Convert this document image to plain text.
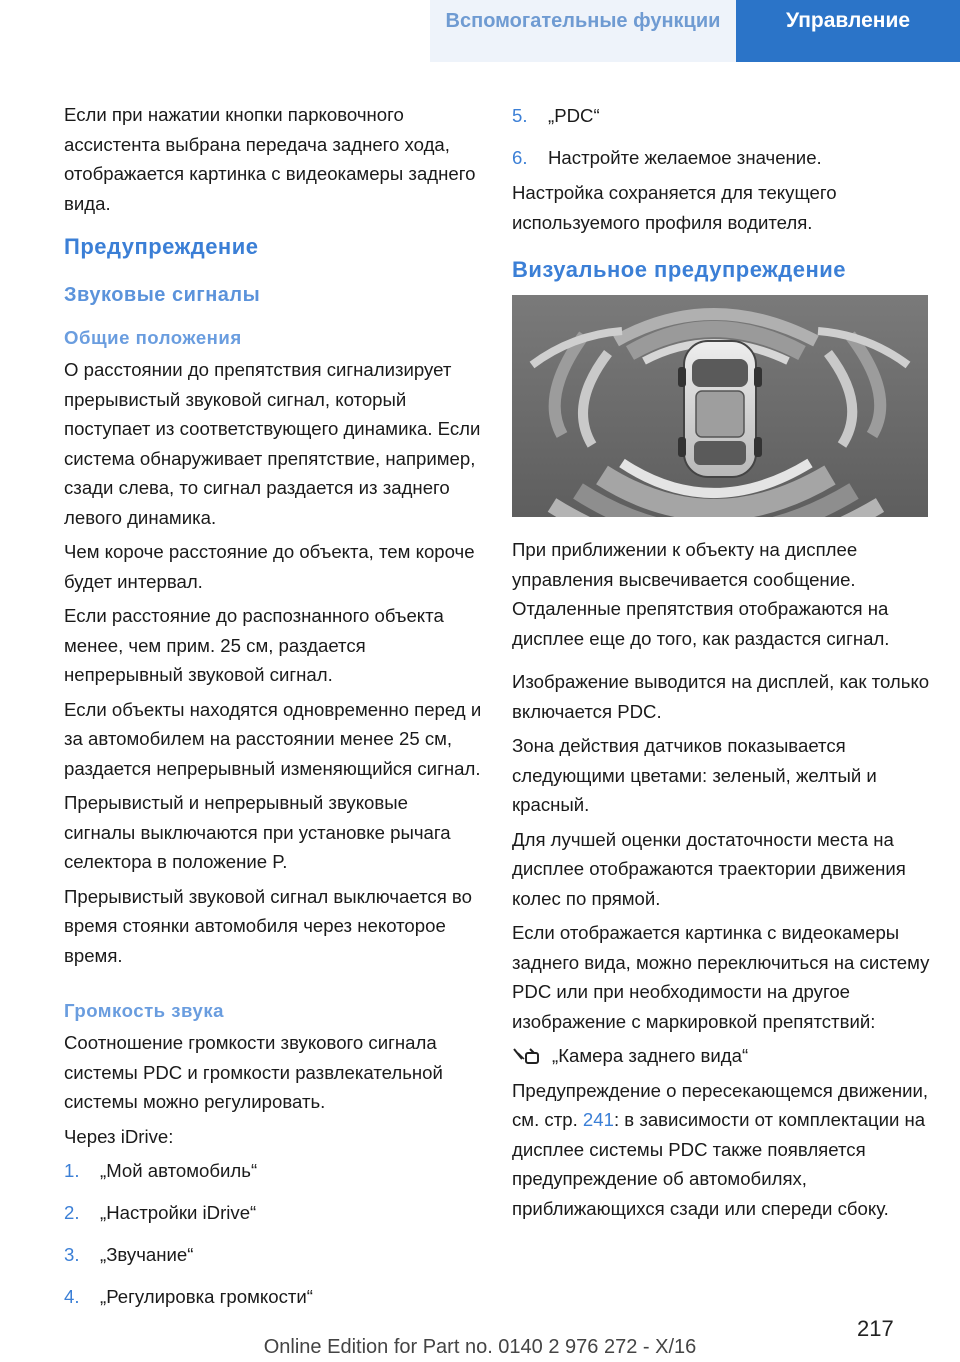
Вспомогательные функции	Управление

Если при нажатии кнопки парковочного ассистента выбрана передача заднего хода, отображается картинка с видеокамеры заднего вида.

Предупреждение
Звуковые сигналы
Общие положения

О расстоянии до препятствия сигнализирует прерывистый звуковой сигнал, который поступает из соответствующего динамика. Если система обнаруживает препятствие, например, сзади слева, то сигнал раздается из заднего левого динамика.

Чем короче расстояние до объекта, тем короче будет интервал.

Если расстояние до распознанного объекта менее, чем прим. 25 см, раздается непрерывный звуковой сигнал.

Если объекты находятся одновременно перед и за автомобилем на расстоянии менее 25 см, раздается непрерывный изменяющийся сигнал.

Прерывистый и непрерывный звуковые сигналы выключаются при установке рычага селектора в положение P.

Прерывистый звуковой сигнал выключается во время стоянки автомобиля через некоторое время.

Громкость звука

Соотношение громкости звукового сигнала системы PDC и громкости развлекательной системы можно регулировать.

Через iDrive:

1. „Мой автомобиль“
2. „Настройки iDrive“
3. „Звучание“
4. „Регулировка громкости“
5. „PDC“
6. Настройте желаемое значение.

Настройка сохраняется для текущего используемого профиля водителя.

Визуальное предупреждение

При приближении к объекту на дисплее управления высвечивается сообщение. Отдаленные препятствия отображаются на дисплее еще до того, как раздастся сигнал.

Изображение выводится на дисплей, как только включается PDC.

Зона действия датчиков показывается следующими цветами: зеленый, желтый и красный.

Для лучшей оценки достаточности места на дисплее отображаются траектории движения колес по прямой.

Если отображается картинка с видеокамеры заднего вида, можно переключиться на систему PDC или при необходимости на другое изображение с маркировкой препятствий:

„Камера заднего вида“

Предупреждение о пересекающемся движении, см. стр. 241: в зависимости от комплектации на дисплее системы PDC также появляется предупреждение об автомобилях, приближающихся сзади или спереди сбоку.

217
Online Edition for Part no. 0140 2 976 272 - X/16
